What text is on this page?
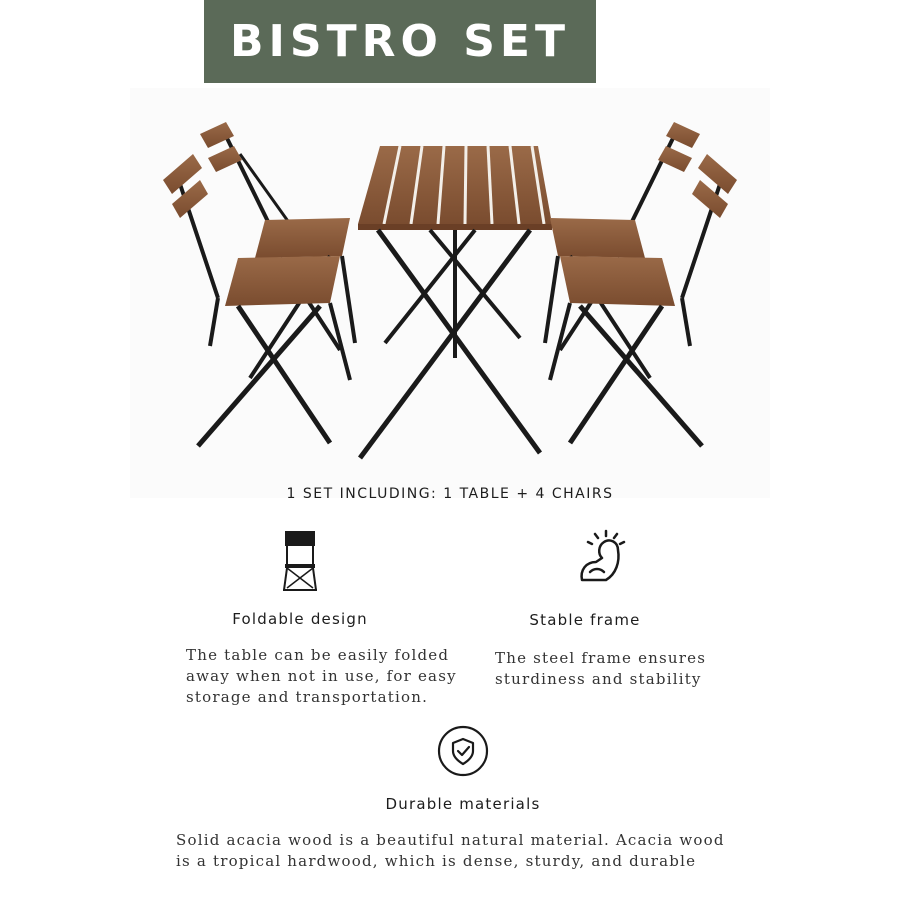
BISTRO SET
1 SET INCLUDING: 1 TABLE + 4 CHAIRS
Foldable design
The table can be easily folded
away when not in use, for easy
storage and transportation.
Stable frame
The steel frame ensures
sturdiness and stability
Durable materials
Solid acacia wood is a beautiful natural material. Acacia wood
is a tropical hardwood, which is dense, sturdy, and durable
